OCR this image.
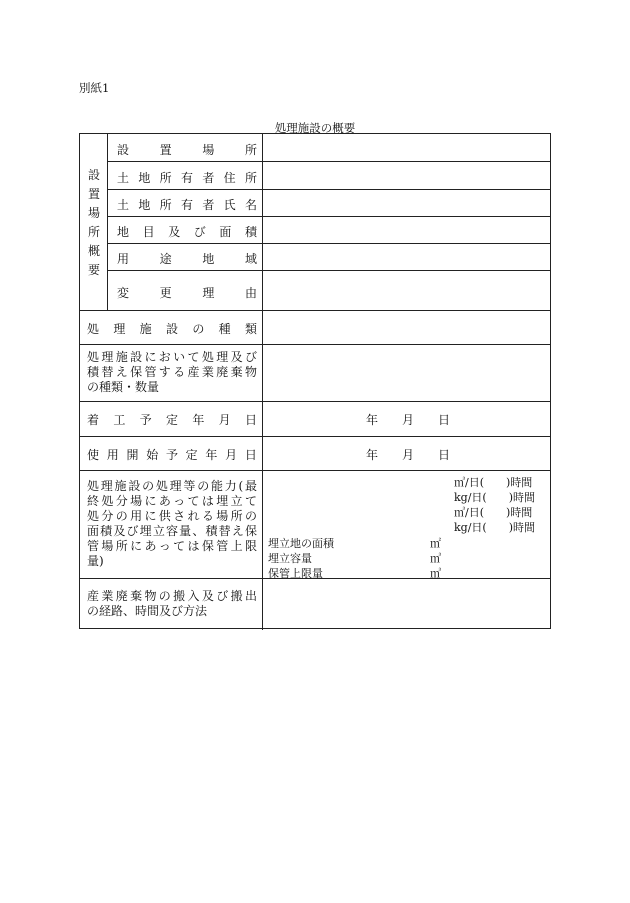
別紙1
処理施設の概要
設
置
場
所
概
要
設	置	場	所
土 地 所 有 者 住 所
土 地 所 有 者 氏 名
地 目 及 び 面 積
用	途	地	域
変	更	理	由
処 理 施 設 の 種 類
処理施設において処理及び
積替え保管する産業廃棄物
の種類・数量
着 工 予 定 年 月 日	年 月 日
使 用 開 始 予 定 年 月 日	年 月 日
処理施設の処理等の能力(最
終処分場にあっては埋立て
処分の用に供される場所の
面積及び埋立容量、積替え保
管場所にあっては保管上限
量)
㎥/日(　　)時間
kg/日(　　)時間
㎥/日(　　)時間
kg/日(　　)時間
埋立地の面積	㎡
埋立容量	㎥
保管上限量	㎥
産業廃棄物の搬入及び搬出
の経路、時間及び方法
